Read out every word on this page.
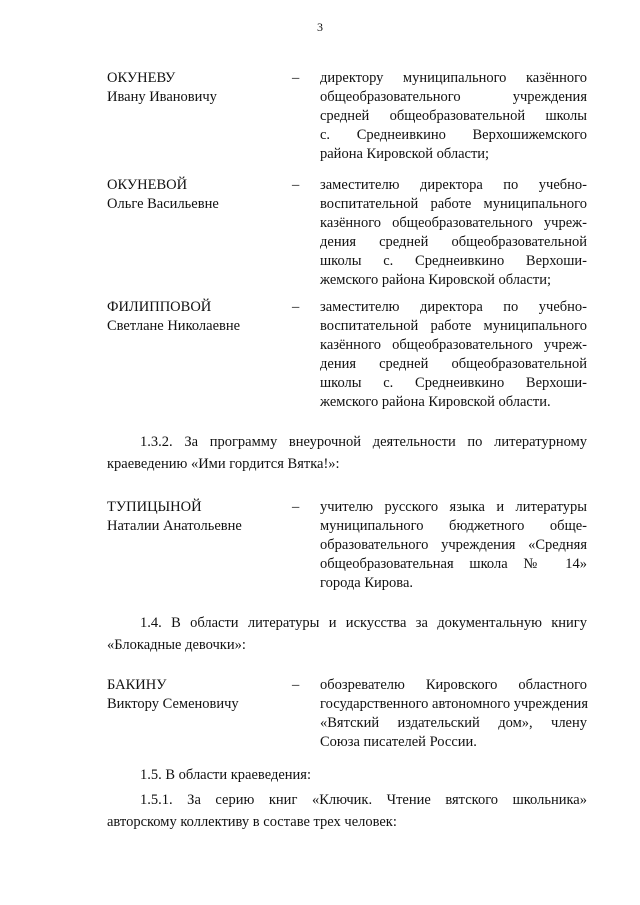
3
ОКУНЕВУ
Ивану Ивановичу
– директору муниципального казённого
общеобразовательного учреждения
средней общеобразовательной школы
с. Среднеивкино Верхошижемского
района Кировской области;
ОКУНЕВОЙ
Ольге Васильевне
– заместителю директора по учебно-
воспитательной работе муниципального
казённого общеобразовательного учреж-
дения средней общеобразовательной
школы с. Среднеивкино Верхоши-
жемского района Кировской области;
ФИЛИППОВОЙ
Светлане Николаевне
– заместителю директора по учебно-
воспитательной работе муниципального
казённого общеобразовательного учреж-
дения средней общеобразовательной
школы с. Среднеивкино Верхоши-
жемского района Кировской области.
1.3.2. За программу внеурочной деятельности по литературному
краеведению «Ими гордится Вятка!»:
ТУПИЦЫНОЙ
Наталии Анатольевне
– учителю русского языка и литературы
муниципального бюджетного обще-
образовательного учреждения «Средняя
общеобразовательная школа № 14»
города Кирова.
1.4. В области литературы и искусства за документальную книгу
«Блокадные девочки»:
БАКИНУ
Виктору Семеновичу
– обозревателю Кировского областного
государственного автономного учреждения
«Вятский издательский дом», члену
Союза писателей России.
1.5. В области краеведения:
1.5.1. За серию книг «Ключик. Чтение вятского школьника»
авторскому коллективу в составе трех человек:
